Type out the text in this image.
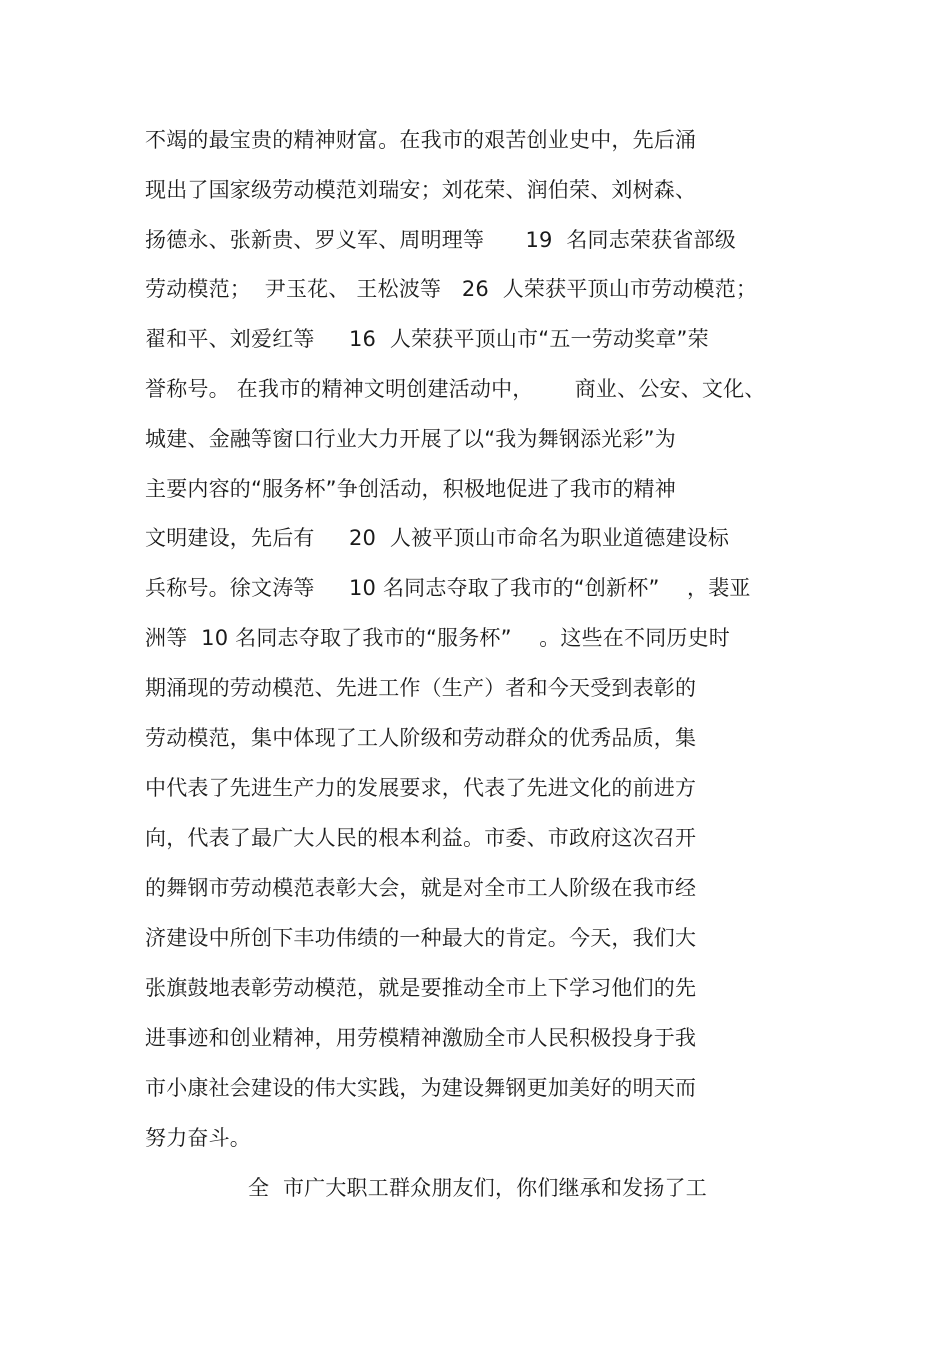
不竭的最宝贵的精神财富。在我市的艰苦创业史中，先后涌
现出了国家级劳动模范刘瑞安；刘花荣、润伯荣、刘树森、
扬德永、张新贵、罗义军、周明理等      19  名同志荣获省部级
劳动模范；  尹玉花、 王松波等   26  人荣获平顶山市劳动模范；
翟和平、刘爱红等     16  人荣获平顶山市“五一劳动奖章”荣
誉称号。 在我市的精神文明创建活动中，      商业、公安、文化、
城建、金融等窗口行业大力开展了以“我为舞钢添光彩”为
主要内容的“服务杯”争创活动，积极地促进了我市的精神
文明建设，先后有     20  人被平顶山市命名为职业道德建设标
兵称号。徐文涛等     10 名同志夺取了我市的“创新杯”    ，裴亚
洲等  10 名同志夺取了我市的“服务杯”    。这些在不同历史时
期涌现的劳动模范、先进工作（生产）者和今天受到表彰的
劳动模范，集中体现了工人阶级和劳动群众的优秀品质，集
中代表了先进生产力的发展要求，代表了先进文化的前进方
向，代表了最广大人民的根本利益。市委、市政府这次召开
的舞钢市劳动模范表彰大会，就是对全市工人阶级在我市经
济建设中所创下丰功伟绩的一种最大的肯定。今天，我们大
张旗鼓地表彰劳动模范，就是要推动全市上下学习他们的先
进事迹和创业精神，用劳模精神激励全市人民积极投身于我
市小康社会建设的伟大实践，为建设舞钢更加美好的明天而
努力奋斗。
全  市广大职工群众朋友们，你们继承和发扬了工
